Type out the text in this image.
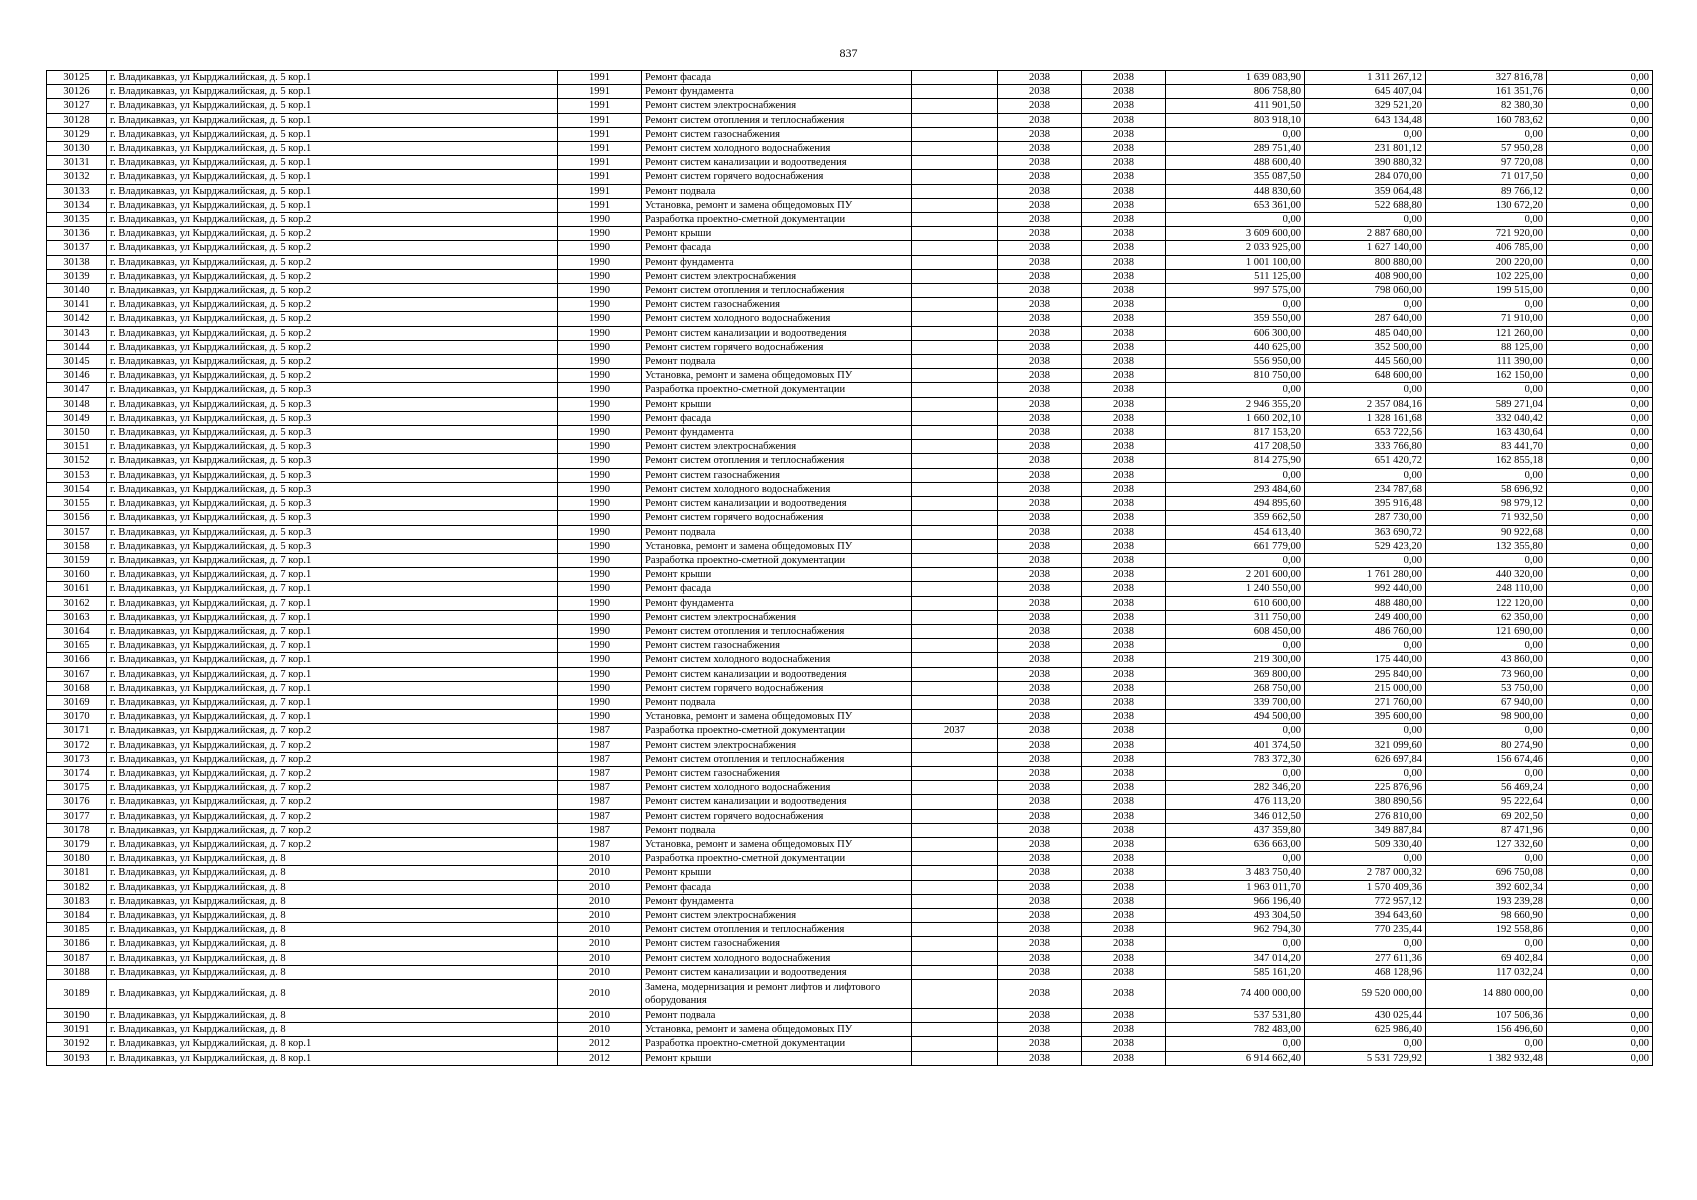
837
30125	г. Владикавказ, ул Кырджалийская, д. 5 кор.1	1991	Ремонт фасада		2038	2038	1 639 083,90	1 311 267,12	327 816,78	0,00
30126	г. Владикавказ, ул Кырджалийская, д. 5 кор.1	1991	Ремонт фундамента		2038	2038	806 758,80	645 407,04	161 351,76	0,00
30127	г. Владикавказ, ул Кырджалийская, д. 5 кор.1	1991	Ремонт систем электроснабжения		2038	2038	411 901,50	329 521,20	82 380,30	0,00
30128	г. Владикавказ, ул Кырджалийская, д. 5 кор.1	1991	Ремонт систем отопления и теплоснабжения		2038	2038	803 918,10	643 134,48	160 783,62	0,00
30129	г. Владикавказ, ул Кырджалийская, д. 5 кор.1	1991	Ремонт систем газоснабжения		2038	2038	0,00	0,00	0,00	0,00
30130	г. Владикавказ, ул Кырджалийская, д. 5 кор.1	1991	Ремонт систем холодного водоснабжения		2038	2038	289 751,40	231 801,12	57 950,28	0,00
30131	г. Владикавказ, ул Кырджалийская, д. 5 кор.1	1991	Ремонт систем канализации и водоотведения		2038	2038	488 600,40	390 880,32	97 720,08	0,00
30132	г. Владикавказ, ул Кырджалийская, д. 5 кор.1	1991	Ремонт систем горячего водоснабжения		2038	2038	355 087,50	284 070,00	71 017,50	0,00
30133	г. Владикавказ, ул Кырджалийская, д. 5 кор.1	1991	Ремонт подвала		2038	2038	448 830,60	359 064,48	89 766,12	0,00
30134	г. Владикавказ, ул Кырджалийская, д. 5 кор.1	1991	Установка, ремонт и замена общедомовых ПУ		2038	2038	653 361,00	522 688,80	130 672,20	0,00
30135	г. Владикавказ, ул Кырджалийская, д. 5 кор.2	1990	Разработка проектно-сметной документации		2038	2038	0,00	0,00	0,00	0,00
30136	г. Владикавказ, ул Кырджалийская, д. 5 кор.2	1990	Ремонт крыши		2038	2038	3 609 600,00	2 887 680,00	721 920,00	0,00
30137	г. Владикавказ, ул Кырджалийская, д. 5 кор.2	1990	Ремонт фасада		2038	2038	2 033 925,00	1 627 140,00	406 785,00	0,00
30138	г. Владикавказ, ул Кырджалийская, д. 5 кор.2	1990	Ремонт фундамента		2038	2038	1 001 100,00	800 880,00	200 220,00	0,00
30139	г. Владикавказ, ул Кырджалийская, д. 5 кор.2	1990	Ремонт систем электроснабжения		2038	2038	511 125,00	408 900,00	102 225,00	0,00
30140	г. Владикавказ, ул Кырджалийская, д. 5 кор.2	1990	Ремонт систем отопления и теплоснабжения		2038	2038	997 575,00	798 060,00	199 515,00	0,00
30141	г. Владикавказ, ул Кырджалийская, д. 5 кор.2	1990	Ремонт систем газоснабжения		2038	2038	0,00	0,00	0,00	0,00
30142	г. Владикавказ, ул Кырджалийская, д. 5 кор.2	1990	Ремонт систем холодного водоснабжения		2038	2038	359 550,00	287 640,00	71 910,00	0,00
30143	г. Владикавказ, ул Кырджалийская, д. 5 кор.2	1990	Ремонт систем канализации и водоотведения		2038	2038	606 300,00	485 040,00	121 260,00	0,00
30144	г. Владикавказ, ул Кырджалийская, д. 5 кор.2	1990	Ремонт систем горячего водоснабжения		2038	2038	440 625,00	352 500,00	88 125,00	0,00
30145	г. Владикавказ, ул Кырджалийская, д. 5 кор.2	1990	Ремонт подвала		2038	2038	556 950,00	445 560,00	111 390,00	0,00
30146	г. Владикавказ, ул Кырджалийская, д. 5 кор.2	1990	Установка, ремонт и замена общедомовых ПУ		2038	2038	810 750,00	648 600,00	162 150,00	0,00
30147	г. Владикавказ, ул Кырджалийская, д. 5 кор.3	1990	Разработка проектно-сметной документации		2038	2038	0,00	0,00	0,00	0,00
30148	г. Владикавказ, ул Кырджалийская, д. 5 кор.3	1990	Ремонт крыши		2038	2038	2 946 355,20	2 357 084,16	589 271,04	0,00
30149	г. Владикавказ, ул Кырджалийская, д. 5 кор.3	1990	Ремонт фасада		2038	2038	1 660 202,10	1 328 161,68	332 040,42	0,00
30150	г. Владикавказ, ул Кырджалийская, д. 5 кор.3	1990	Ремонт фундамента		2038	2038	817 153,20	653 722,56	163 430,64	0,00
30151	г. Владикавказ, ул Кырджалийская, д. 5 кор.3	1990	Ремонт систем электроснабжения		2038	2038	417 208,50	333 766,80	83 441,70	0,00
30152	г. Владикавказ, ул Кырджалийская, д. 5 кор.3	1990	Ремонт систем отопления и теплоснабжения		2038	2038	814 275,90	651 420,72	162 855,18	0,00
30153	г. Владикавказ, ул Кырджалийская, д. 5 кор.3	1990	Ремонт систем газоснабжения		2038	2038	0,00	0,00	0,00	0,00
30154	г. Владикавказ, ул Кырджалийская, д. 5 кор.3	1990	Ремонт систем холодного водоснабжения		2038	2038	293 484,60	234 787,68	58 696,92	0,00
30155	г. Владикавказ, ул Кырджалийская, д. 5 кор.3	1990	Ремонт систем канализации и водоотведения		2038	2038	494 895,60	395 916,48	98 979,12	0,00
30156	г. Владикавказ, ул Кырджалийская, д. 5 кор.3	1990	Ремонт систем горячего водоснабжения		2038	2038	359 662,50	287 730,00	71 932,50	0,00
30157	г. Владикавказ, ул Кырджалийская, д. 5 кор.3	1990	Ремонт подвала		2038	2038	454 613,40	363 690,72	90 922,68	0,00
30158	г. Владикавказ, ул Кырджалийская, д. 5 кор.3	1990	Установка, ремонт и замена общедомовых ПУ		2038	2038	661 779,00	529 423,20	132 355,80	0,00
30159	г. Владикавказ, ул Кырджалийская, д. 7 кор.1	1990	Разработка проектно-сметной документации		2038	2038	0,00	0,00	0,00	0,00
30160	г. Владикавказ, ул Кырджалийская, д. 7 кор.1	1990	Ремонт крыши		2038	2038	2 201 600,00	1 761 280,00	440 320,00	0,00
30161	г. Владикавказ, ул Кырджалийская, д. 7 кор.1	1990	Ремонт фасада		2038	2038	1 240 550,00	992 440,00	248 110,00	0,00
30162	г. Владикавказ, ул Кырджалийская, д. 7 кор.1	1990	Ремонт фундамента		2038	2038	610 600,00	488 480,00	122 120,00	0,00
30163	г. Владикавказ, ул Кырджалийская, д. 7 кор.1	1990	Ремонт систем электроснабжения		2038	2038	311 750,00	249 400,00	62 350,00	0,00
30164	г. Владикавказ, ул Кырджалийская, д. 7 кор.1	1990	Ремонт систем отопления и теплоснабжения		2038	2038	608 450,00	486 760,00	121 690,00	0,00
30165	г. Владикавказ, ул Кырджалийская, д. 7 кор.1	1990	Ремонт систем газоснабжения		2038	2038	0,00	0,00	0,00	0,00
30166	г. Владикавказ, ул Кырджалийская, д. 7 кор.1	1990	Ремонт систем холодного водоснабжения		2038	2038	219 300,00	175 440,00	43 860,00	0,00
30167	г. Владикавказ, ул Кырджалийская, д. 7 кор.1	1990	Ремонт систем канализации и водоотведения		2038	2038	369 800,00	295 840,00	73 960,00	0,00
30168	г. Владикавказ, ул Кырджалийская, д. 7 кор.1	1990	Ремонт систем горячего водоснабжения		2038	2038	268 750,00	215 000,00	53 750,00	0,00
30169	г. Владикавказ, ул Кырджалийская, д. 7 кор.1	1990	Ремонт подвала		2038	2038	339 700,00	271 760,00	67 940,00	0,00
30170	г. Владикавказ, ул Кырджалийская, д. 7 кор.1	1990	Установка, ремонт и замена общедомовых ПУ		2038	2038	494 500,00	395 600,00	98 900,00	0,00
30171	г. Владикавказ, ул Кырджалийская, д. 7 кор.2	1987	Разработка проектно-сметной документации	2037	2038	2038	0,00	0,00	0,00	0,00
30172	г. Владикавказ, ул Кырджалийская, д. 7 кор.2	1987	Ремонт систем электроснабжения		2038	2038	401 374,50	321 099,60	80 274,90	0,00
30173	г. Владикавказ, ул Кырджалийская, д. 7 кор.2	1987	Ремонт систем отопления и теплоснабжения		2038	2038	783 372,30	626 697,84	156 674,46	0,00
30174	г. Владикавказ, ул Кырджалийская, д. 7 кор.2	1987	Ремонт систем газоснабжения		2038	2038	0,00	0,00	0,00	0,00
30175	г. Владикавказ, ул Кырджалийская, д. 7 кор.2	1987	Ремонт систем холодного водоснабжения		2038	2038	282 346,20	225 876,96	56 469,24	0,00
30176	г. Владикавказ, ул Кырджалийская, д. 7 кор.2	1987	Ремонт систем канализации и водоотведения		2038	2038	476 113,20	380 890,56	95 222,64	0,00
30177	г. Владикавказ, ул Кырджалийская, д. 7 кор.2	1987	Ремонт систем горячего водоснабжения		2038	2038	346 012,50	276 810,00	69 202,50	0,00
30178	г. Владикавказ, ул Кырджалийская, д. 7 кор.2	1987	Ремонт подвала		2038	2038	437 359,80	349 887,84	87 471,96	0,00
30179	г. Владикавказ, ул Кырджалийская, д. 7 кор.2	1987	Установка, ремонт и замена общедомовых ПУ		2038	2038	636 663,00	509 330,40	127 332,60	0,00
30180	г. Владикавказ, ул Кырджалийская, д. 8	2010	Разработка проектно-сметной документации		2038	2038	0,00	0,00	0,00	0,00
30181	г. Владикавказ, ул Кырджалийская, д. 8	2010	Ремонт крыши		2038	2038	3 483 750,40	2 787 000,32	696 750,08	0,00
30182	г. Владикавказ, ул Кырджалийская, д. 8	2010	Ремонт фасада		2038	2038	1 963 011,70	1 570 409,36	392 602,34	0,00
30183	г. Владикавказ, ул Кырджалийская, д. 8	2010	Ремонт фундамента		2038	2038	966 196,40	772 957,12	193 239,28	0,00
30184	г. Владикавказ, ул Кырджалийская, д. 8	2010	Ремонт систем электроснабжения		2038	2038	493 304,50	394 643,60	98 660,90	0,00
30185	г. Владикавказ, ул Кырджалийская, д. 8	2010	Ремонт систем отопления и теплоснабжения		2038	2038	962 794,30	770 235,44	192 558,86	0,00
30186	г. Владикавказ, ул Кырджалийская, д. 8	2010	Ремонт систем газоснабжения		2038	2038	0,00	0,00	0,00	0,00
30187	г. Владикавказ, ул Кырджалийская, д. 8	2010	Ремонт систем холодного водоснабжения		2038	2038	347 014,20	277 611,36	69 402,84	0,00
30188	г. Владикавказ, ул Кырджалийская, д. 8	2010	Ремонт систем канализации и водоотведения		2038	2038	585 161,20	468 128,96	117 032,24	0,00
30189	г. Владикавказ, ул Кырджалийская, д. 8	2010	Замена, модернизация и ремонт лифтов и лифтового оборудования		2038	2038	74 400 000,00	59 520 000,00	14 880 000,00	0,00
30190	г. Владикавказ, ул Кырджалийская, д. 8	2010	Ремонт подвала		2038	2038	537 531,80	430 025,44	107 506,36	0,00
30191	г. Владикавказ, ул Кырджалийская, д. 8	2010	Установка, ремонт и замена общедомовых ПУ		2038	2038	782 483,00	625 986,40	156 496,60	0,00
30192	г. Владикавказ, ул Кырджалийская, д. 8 кор.1	2012	Разработка проектно-сметной документации		2038	2038	0,00	0,00	0,00	0,00
30193	г. Владикавказ, ул Кырджалийская, д. 8 кор.1	2012	Ремонт крыши		2038	2038	6 914 662,40	5 531 729,92	1 382 932,48	0,00
